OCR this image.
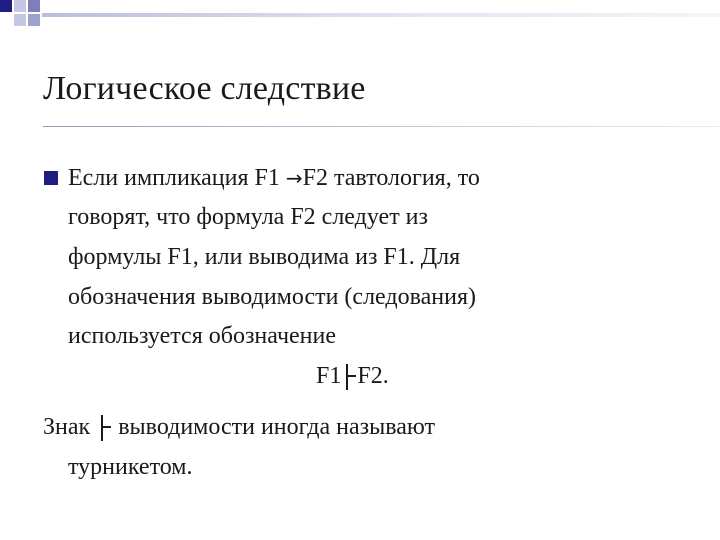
Логическое следствие
Если импликация F1 →F2 тавтология, то
говорят, что формула F2 следует из
формулы F1, или выводима из F1. Для
обозначения выводимости (следования)
используется обозначение
F1 F2.
Знак
выводимости иногда называют
турникетом.
